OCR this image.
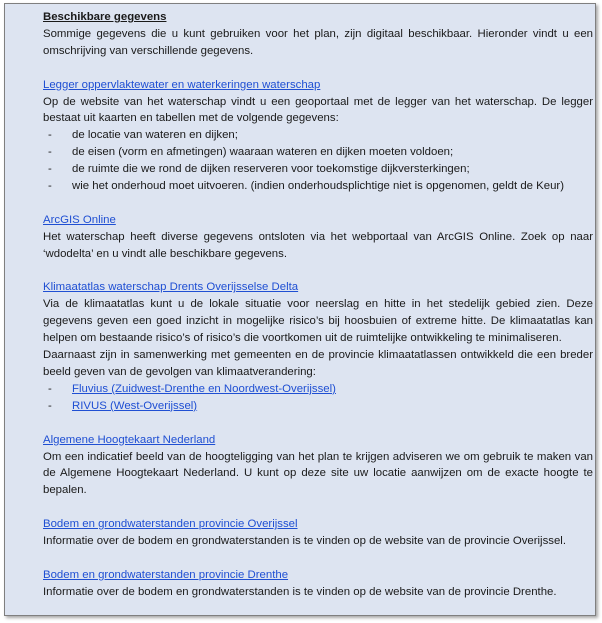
Beschikbare gegevens
Sommige gegevens die u kunt gebruiken voor het plan, zijn digitaal beschikbaar. Hieronder vindt u een omschrijving van verschillende gegevens.
Legger oppervlaktewater en waterkeringen waterschap
Op de website van het waterschap vindt u een geoportaal met de legger van het waterschap. De legger bestaat uit kaarten en tabellen met de volgende gegevens:
- de locatie van wateren en dijken;
- de eisen (vorm en afmetingen) waaraan wateren en dijken moeten voldoen;
- de ruimte die we rond de dijken reserveren voor toekomstige dijkversterkingen;
- wie het onderhoud moet uitvoeren. (indien onderhoudsplichtige niet is opgenomen, geldt de Keur)
ArcGIS Online
Het waterschap heeft diverse gegevens ontsloten via het webportaal van ArcGIS Online. Zoek op naar ‘wdodelta’ en u vindt alle beschikbare gegevens.
Klimaatatlas waterschap Drents Overijsselse Delta
Via de klimaatatlas kunt u de lokale situatie voor neerslag en hitte in het stedelijk gebied zien. Deze gegevens geven een goed inzicht in mogelijke risico’s bij hoosbuien of extreme hitte. De klimaatatlas kan helpen om bestaande risico’s of risico’s die voortkomen uit de ruimtelijke ontwikkeling te minimaliseren.
Daarnaast zijn in samenwerking met gemeenten en de provincie klimaatatlassen ontwikkeld die een breder beeld geven van de gevolgen van klimaatverandering:
- Fluvius (Zuidwest-Drenthe en Noordwest-Overijssel)
- RIVUS (West-Overijssel)
Algemene Hoogtekaart Nederland
Om een indicatief beeld van de hoogteligging van het plan te krijgen adviseren we om gebruik te maken van de Algemene Hoogtekaart Nederland. U kunt op deze site uw locatie aanwijzen om de exacte hoogte te bepalen.
Bodem en grondwaterstanden provincie Overijssel
Informatie over de bodem en grondwaterstanden is te vinden op de website van de provincie Overijssel.
Bodem en grondwaterstanden provincie Drenthe
Informatie over de bodem en grondwaterstanden is te vinden op de website van de provincie Drenthe.
